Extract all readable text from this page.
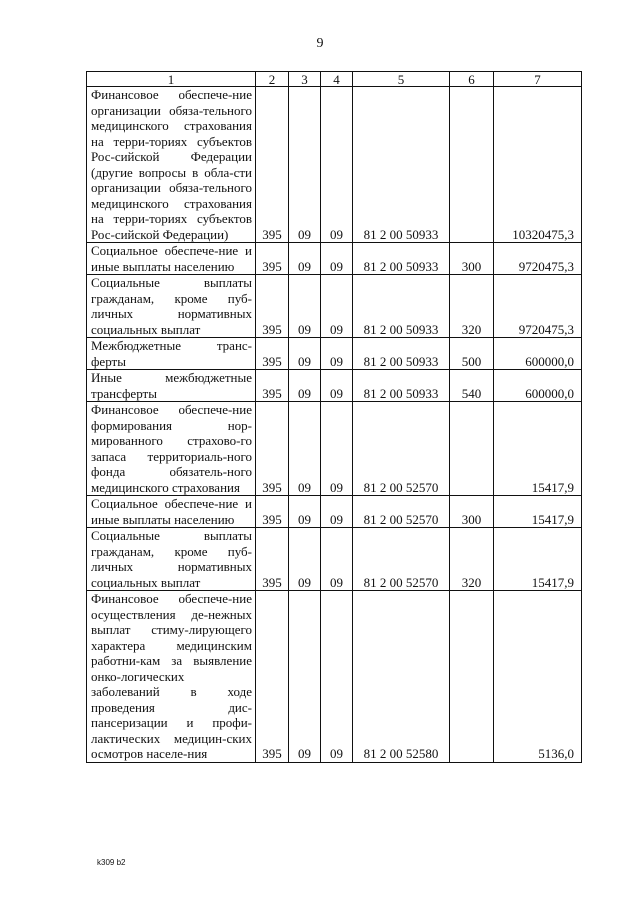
9
1	2	3	4	5	6	7
Финансовое обеспече-ние организации обяза-тельного медицинского страхования на терри-ториях субъектов Рос-сийской Федерации (другие вопросы в обла-сти организации обяза-тельного медицинского страхования на терри-ториях субъектов Рос-сийской Федерации)	395	09	09	81 2 00 50933		10320475,3
Социальное обеспече-ние и иные выплаты населению	395	09	09	81 2 00 50933	300	9720475,3
Социальные выплаты гражданам, кроме пуб-личных нормативных социальных выплат	395	09	09	81 2 00 50933	320	9720475,3
Межбюджетные транс-ферты	395	09	09	81 2 00 50933	500	600000,0
Иные межбюджетные трансферты	395	09	09	81 2 00 50933	540	600000,0
Финансовое обеспече-ние формирования нор-мированного страхово-го запаса территориаль-ного фонда обязатель-ного медицинского страхования	395	09	09	81 2 00 52570		15417,9
Социальное обеспече-ние и иные выплаты населению	395	09	09	81 2 00 52570	300	15417,9
Социальные выплаты гражданам, кроме пуб-личных нормативных социальных выплат	395	09	09	81 2 00 52570	320	15417,9
Финансовое обеспече-ние осуществления де-нежных выплат стиму-лирующего характера медицинским работни-кам за выявление онко-логических заболеваний в ходе проведения дис-пансеризации и профи-лактических медицин-ских осмотров населе-ния	395	09	09	81 2 00 52580		5136,0
k309 b2
